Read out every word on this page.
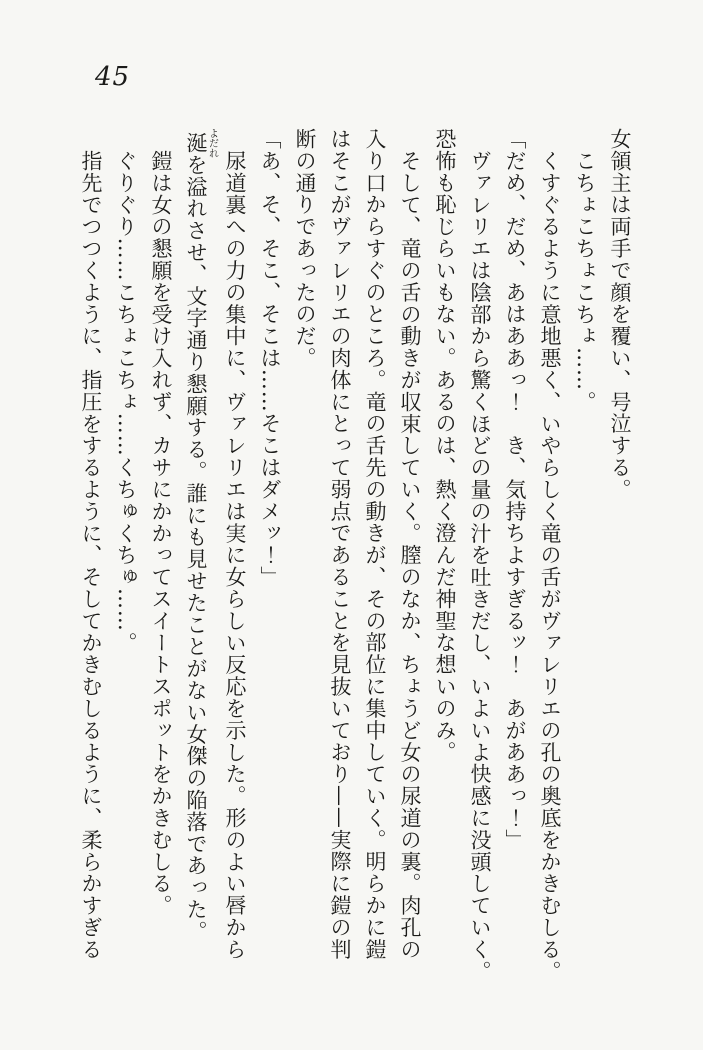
45
女領主は両手で顔を覆い、号泣する。
こちょこちょこちょ……。
くすぐるように意地悪く、いやらしく竜の舌がヴァレリエの孔の奥底をかきむしる。
「だめ、だめ、あはああっ！　き、気持ちよすぎるッ！　あがああっ！」
ヴァレリエは陰部から驚くほどの量の汁を吐きだし、いよいよ快感に没頭していく。
恐怖も恥じらいもない。あるのは、熱く澄んだ神聖な想いのみ。
そして、竜の舌の動きが収束していく。膣のなか、ちょうど女の尿道の裏。肉孔の
入り口からすぐのところ。竜の舌先の動きが、その部位に集中していく。明らかに鎧
はそこがヴァレリエの肉体にとって弱点であることを見抜いており——実際に鎧の判
断の通りであったのだ。
「あ、そ、そこ、そこは……そこはダメッ！」
尿道裏への力の集中に、ヴァレリエは実に女らしい反応を示した。形のよい唇から
涎よだれを溢れさせ、文字通り懇願する。誰にも見せたことがない女傑の陥落であった。
鎧は女の懇願を受け入れず、カサにかかってスイートスポットをかきむしる。
ぐりぐり……こちょこちょ……くちゅくちゅ……。
指先でつつくように、指圧をするように、そしてかきむしるように、柔らかすぎる
